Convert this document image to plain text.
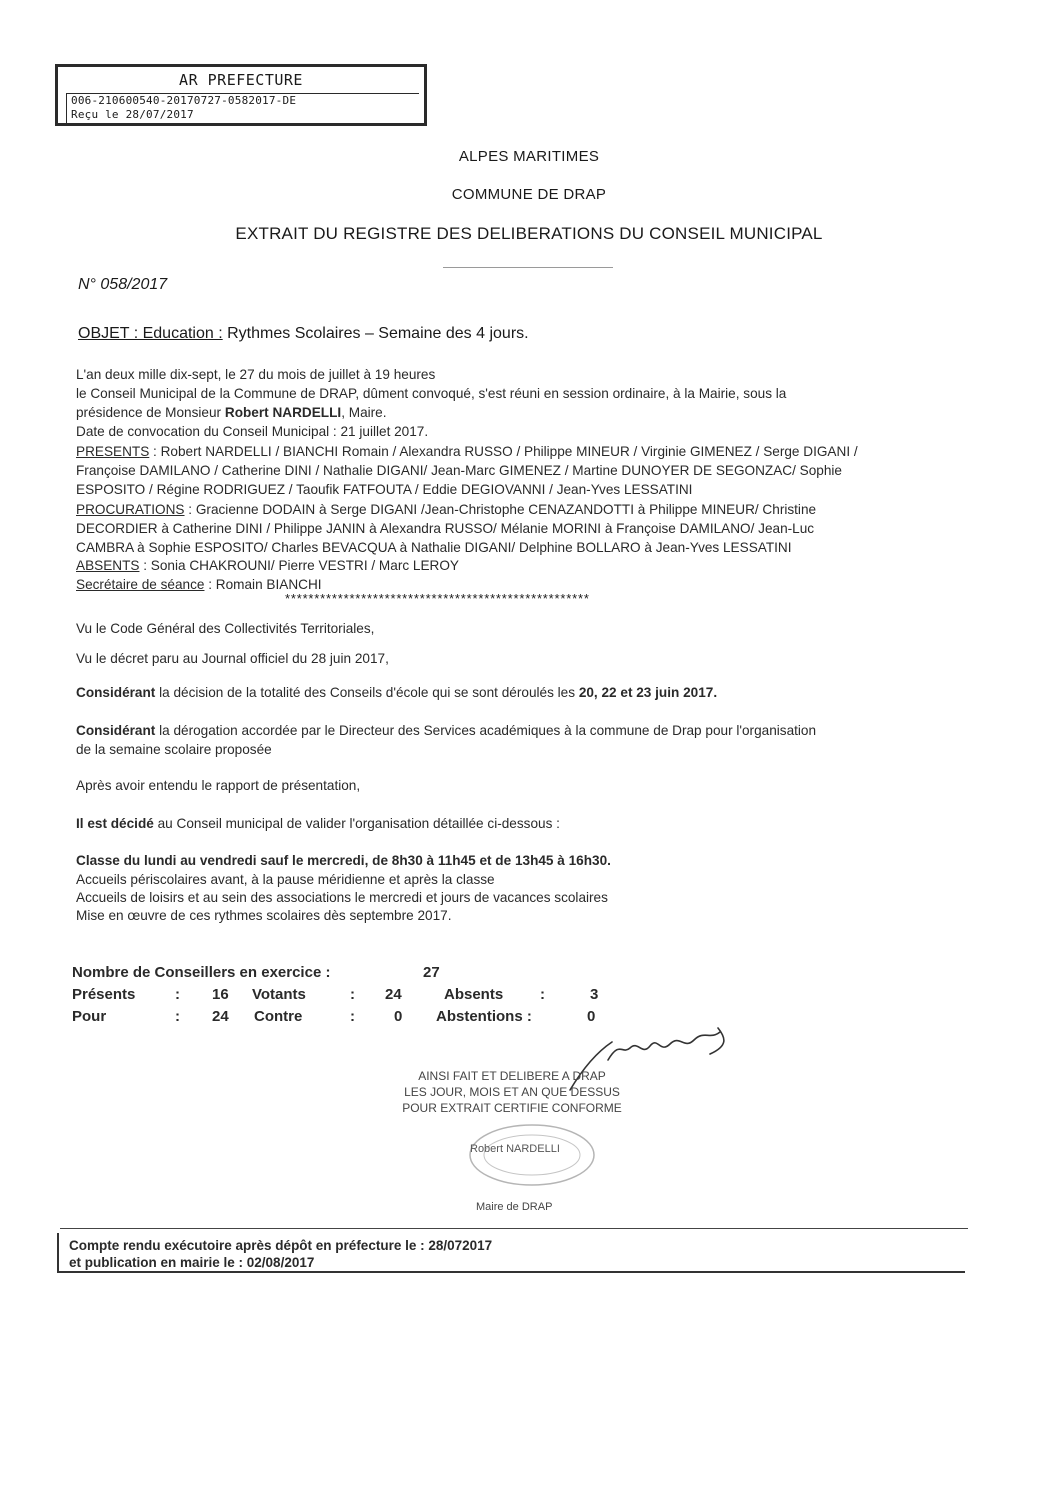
AR PREFECTURE
006-210600540-20170727-0582017-DE
Reçu le 28/07/2017
ALPES MARITIMES
COMMUNE DE DRAP
EXTRAIT DU REGISTRE DES DELIBERATIONS DU CONSEIL MUNICIPAL
N° 058/2017
OBJET : Education : Rythmes Scolaires – Semaine des 4 jours.
L'an deux mille dix-sept, le 27 du mois de juillet à 19 heures
le Conseil Municipal de la Commune de DRAP, dûment convoqué, s'est réuni en session ordinaire, à la Mairie, sous la
présidence de Monsieur Robert NARDELLI, Maire.
Date de convocation du Conseil Municipal : 21 juillet 2017.
PRESENTS : Robert NARDELLI / BIANCHI Romain / Alexandra RUSSO / Philippe MINEUR / Virginie GIMENEZ / Serge DIGANI /
Françoise DAMILANO / Catherine DINI / Nathalie DIGANI/ Jean-Marc GIMENEZ / Martine DUNOYER DE SEGONZAC/ Sophie
ESPOSITO / Régine RODRIGUEZ / Taoufik FATFOUTA / Eddie DEGIOVANNI / Jean-Yves LESSATINI
PROCURATIONS : Gracienne DODAIN à Serge DIGANI /Jean-Christophe CENAZANDOTTI à Philippe MINEUR/ Christine
DECORDIER à Catherine DINI / Philippe JANIN à Alexandra RUSSO/ Mélanie MORINI à Françoise DAMILANO/ Jean-Luc
CAMBRA à Sophie ESPOSITO/ Charles BEVACQUA à Nathalie DIGANI/ Delphine BOLLARO à Jean-Yves LESSATINI
ABSENTS : Sonia CHAKROUNI/ Pierre VESTRI / Marc LEROY
Secrétaire de séance : Romain BIANCHI
****************************************************
Vu le Code Général des Collectivités Territoriales,
Vu le décret paru au Journal officiel du 28 juin 2017,
Considérant la décision de la totalité des Conseils d'école qui se sont déroulés les 20, 22 et 23 juin 2017.
Considérant la dérogation accordée par le Directeur des Services académiques à la commune de Drap pour l'organisation
de la semaine scolaire proposée
Après avoir entendu le rapport de présentation,
Il est décidé au Conseil municipal de valider l'organisation détaillée ci-dessous :
Classe du lundi au vendredi sauf le mercredi, de 8h30 à 11h45 et de 13h45 à 16h30.
Accueils périscolaires avant, à la pause méridienne et après la classe
Accueils de loisirs et au sein des associations le mercredi et jours de vacances scolaires
Mise en œuvre de ces rythmes scolaires dès septembre 2017.
Nombre de Conseillers en exercice :	27
Présents	: 16 Votants	: 24	Absents :	3
Pour	: 24 Contre	:	0 Abstentions :	0
AINSI FAIT ET DELIBERE A DRAP
LES JOUR, MOIS ET AN QUE DESSUS
POUR EXTRAIT CERTIFIE CONFORME
Robert NARDELLI
Maire de DRAP
Compte rendu exécutoire après dépôt en préfecture le : 28/072017
et publication en mairie le : 02/08/2017
